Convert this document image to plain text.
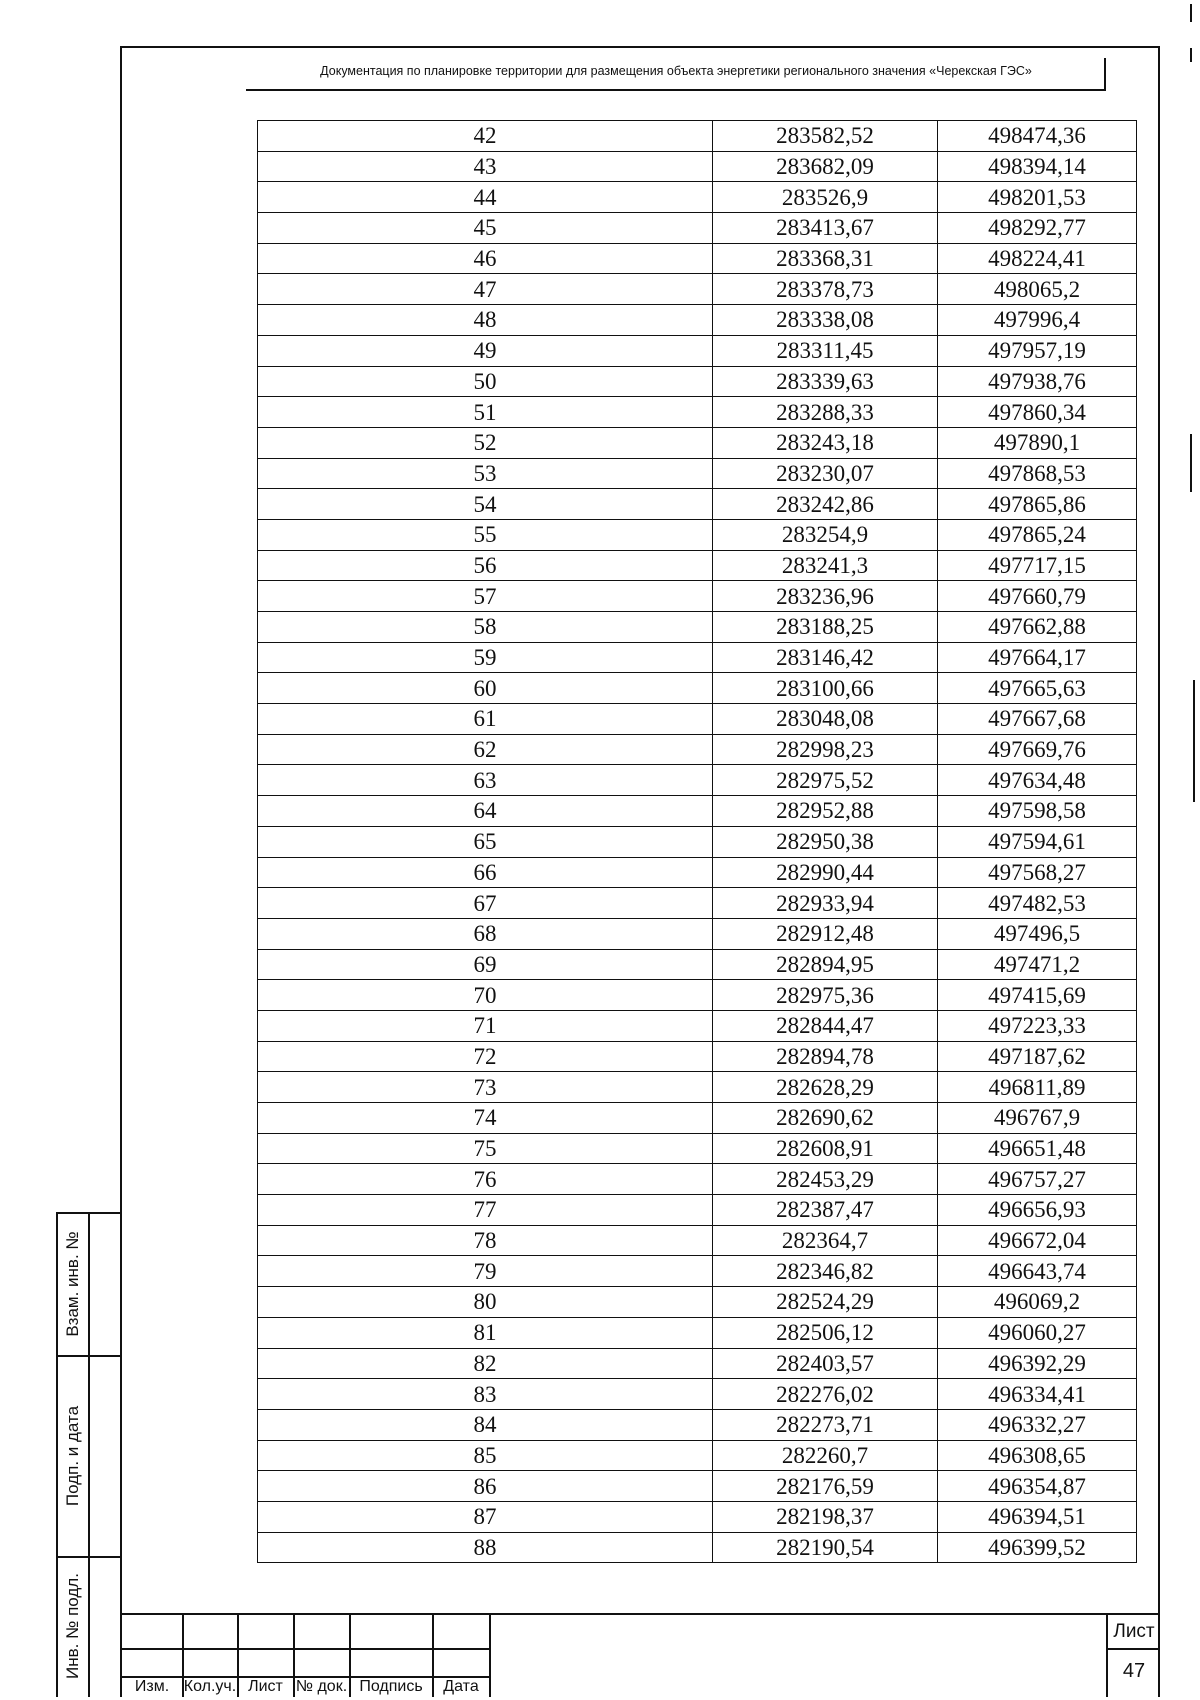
Документация по планировке территории для размещения объекта энергетики регионального значения «Черекская ГЭС»
42	283582,52	498474,36
43	283682,09	498394,14
44	283526,9	498201,53
45	283413,67	498292,77
46	283368,31	498224,41
47	283378,73	498065,2
48	283338,08	497996,4
49	283311,45	497957,19
50	283339,63	497938,76
51	283288,33	497860,34
52	283243,18	497890,1
53	283230,07	497868,53
54	283242,86	497865,86
55	283254,9	497865,24
56	283241,3	497717,15
57	283236,96	497660,79
58	283188,25	497662,88
59	283146,42	497664,17
60	283100,66	497665,63
61	283048,08	497667,68
62	282998,23	497669,76
63	282975,52	497634,48
64	282952,88	497598,58
65	282950,38	497594,61
66	282990,44	497568,27
67	282933,94	497482,53
68	282912,48	497496,5
69	282894,95	497471,2
70	282975,36	497415,69
71	282844,47	497223,33
72	282894,78	497187,62
73	282628,29	496811,89
74	282690,62	496767,9
75	282608,91	496651,48
76	282453,29	496757,27
77	282387,47	496656,93
78	282364,7	496672,04
79	282346,82	496643,74
80	282524,29	496069,2
81	282506,12	496060,27
82	282403,57	496392,29
83	282276,02	496334,41
84	282273,71	496332,27
85	282260,7	496308,65
86	282176,59	496354,87
87	282198,37	496394,51
88	282190,54	496399,52
Взам. инв. №
Подп. и дата
Инв. № подл.
Изм. Кол.уч. Лист № док. Подпись	Дата
Лист
47
